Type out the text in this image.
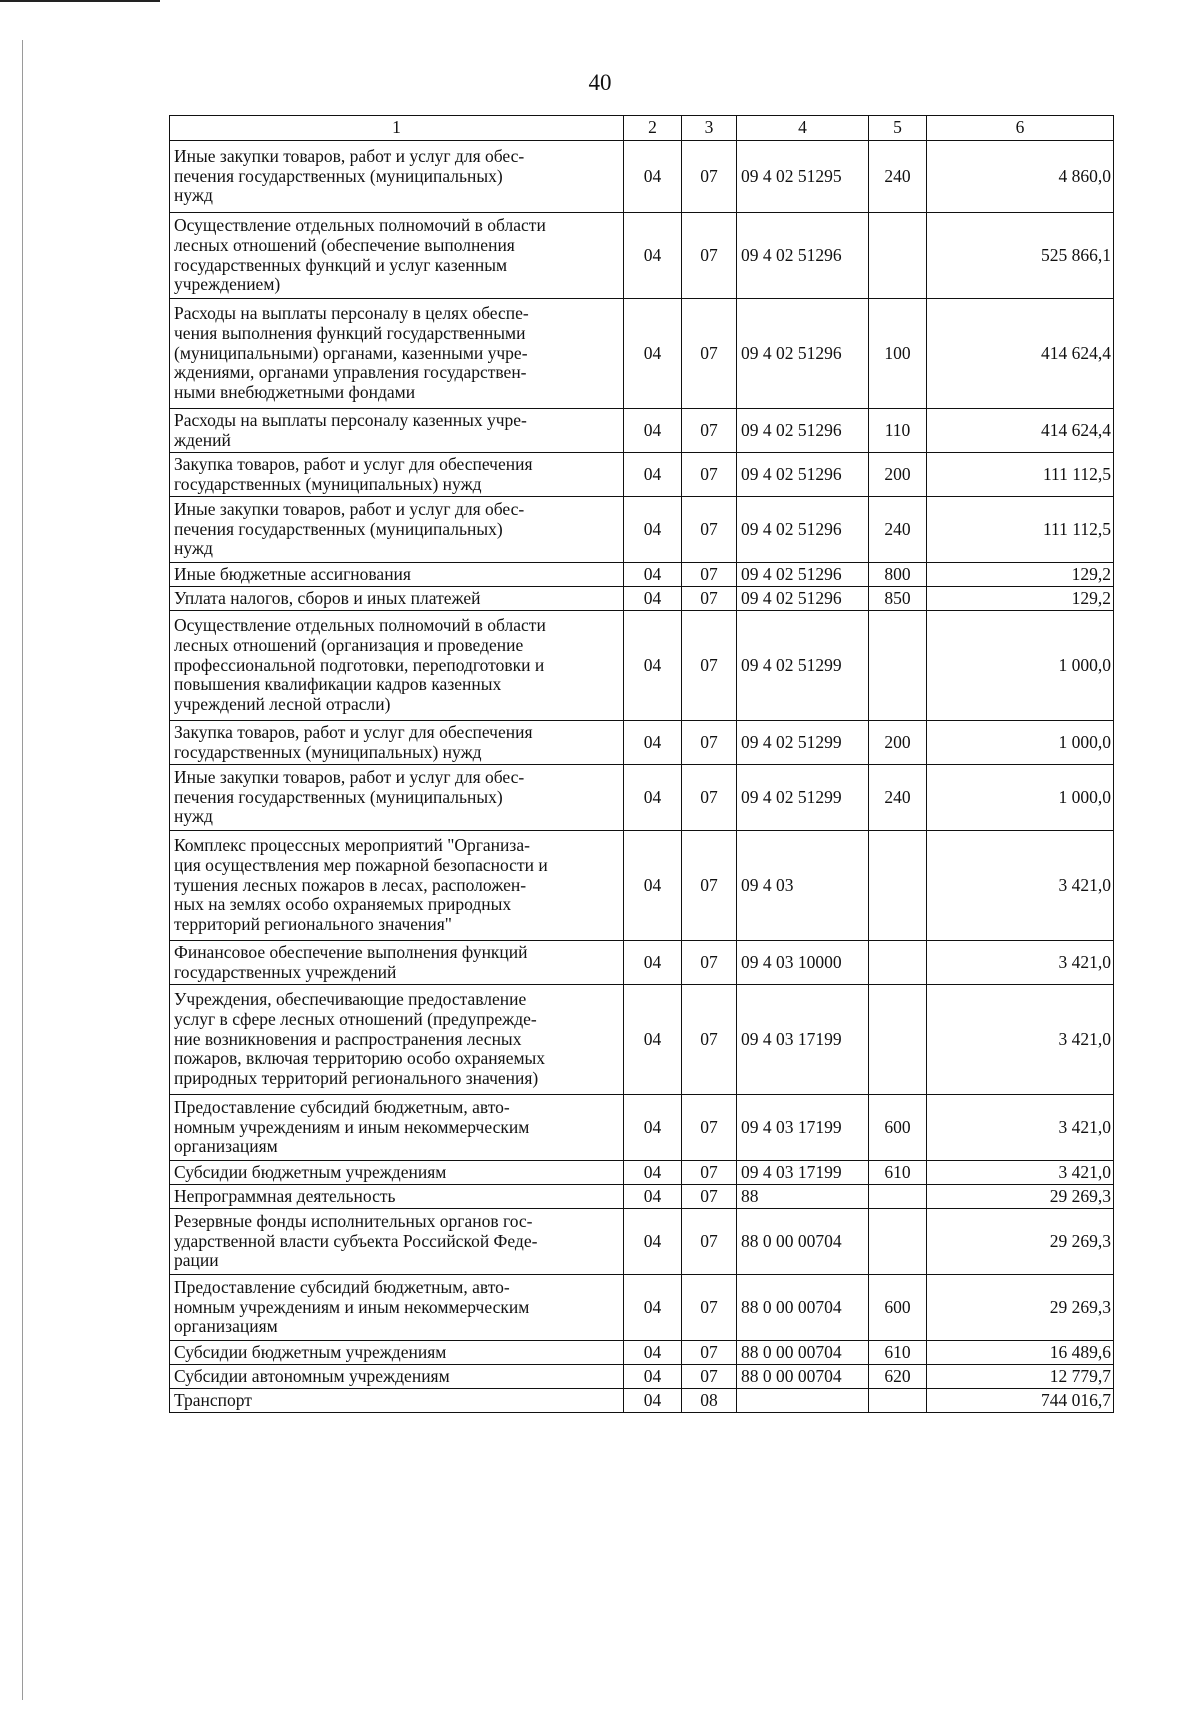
40
1	2	3	4	5	6

Иные закупки товаров, работ и услуг для обес-
печения государственных (муниципальных)
нужд	04	07	09 4 02 51295	240	4 860,0

Осуществление отдельных полномочий в области
лесных отношений (обеспечение выполнения
государственных функций и услуг казенным
учреждением)	04	07	09 4 02 51296		525 866,1

Расходы на выплаты персоналу в целях обеспе-
чения выполнения функций государственными
(муниципальными) органами, казенными учре-
ждениями, органами управления государствен-
ными внебюджетными фондами	04	07	09 4 02 51296	100	414 624,4

Расходы на выплаты персоналу казенных учре-
ждений	04	07	09 4 02 51296	110	414 624,4

Закупка товаров, работ и услуг для обеспечения
государственных (муниципальных) нужд	04	07	09 4 02 51296	200	111 112,5

Иные закупки товаров, работ и услуг для обес-
печения государственных (муниципальных)
нужд	04	07	09 4 02 51296	240	111 112,5

Иные бюджетные ассигнования	04	07	09 4 02 51296	800	129,2

Уплата налогов, сборов и иных платежей	04	07	09 4 02 51296	850	129,2

Осуществление отдельных полномочий в области
лесных отношений (организация и проведение
профессиональной подготовки, переподготовки и
повышения квалификации кадров казенных
учреждений лесной отрасли)	04	07	09 4 02 51299		1 000,0

Закупка товаров, работ и услуг для обеспечения
государственных (муниципальных) нужд	04	07	09 4 02 51299	200	1 000,0

Иные закупки товаров, работ и услуг для обес-
печения государственных (муниципальных)
нужд	04	07	09 4 02 51299	240	1 000,0

Комплекс процессных мероприятий "Организа-
ция осуществления мер пожарной безопасности и
тушения лесных пожаров в лесах, расположен-
ных на землях особо охраняемых природных
территорий регионального значения"	04	07	09 4 03		3 421,0

Финансовое обеспечение выполнения функций
государственных учреждений	04	07	09 4 03 10000		3 421,0

Учреждения, обеспечивающие предоставление
услуг в сфере лесных отношений (предупрежде-
ние возникновения и распространения лесных
пожаров, включая территорию особо охраняемых
природных территорий регионального значения)	04	07	09 4 03 17199		3 421,0

Предоставление субсидий бюджетным, авто-
номным учреждениям и иным некоммерческим
организациям	04	07	09 4 03 17199	600	3 421,0

Субсидии бюджетным учреждениям	04	07	09 4 03 17199	610	3 421,0

Непрограммная деятельность	04	07	88		29 269,3

Резервные фонды исполнительных органов гос-
ударственной власти субъекта Российской Феде-
рации	04	07	88 0 00 00704		29 269,3

Предоставление субсидий бюджетным, авто-
номным учреждениям и иным некоммерческим
организациям	04	07	88 0 00 00704	600	29 269,3

Субсидии бюджетным учреждениям	04	07	88 0 00 00704	610	16 489,6

Субсидии автономным учреждениям	04	07	88 0 00 00704	620	12 779,7

Транспорт	04	08			744 016,7
